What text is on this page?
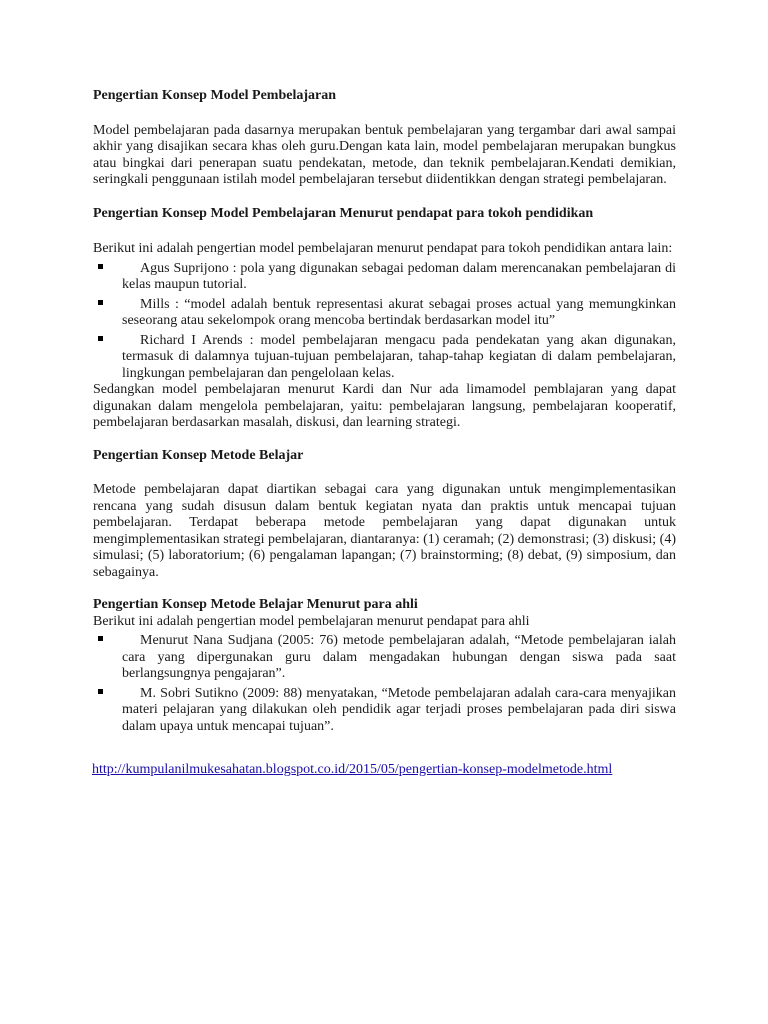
Pengertian Konsep Model Pembelajaran

Model pembelajaran pada dasarnya merupakan bentuk pembelajaran yang tergambar dari awal sampai akhir yang disajikan secara khas oleh guru.Dengan kata lain, model pembelajaran merupakan bungkus atau bingkai dari penerapan suatu pendekatan, metode, dan teknik pembelajaran.Kendati demikian, seringkali penggunaan istilah model pembelajaran tersebut diidentikkan dengan strategi pembelajaran.

Pengertian Konsep Model Pembelajaran Menurut pendapat para tokoh pendidikan

Berikut ini adalah pengertian model pembelajaran menurut pendapat para tokoh pendidikan antara lain:

Agus Suprijono : pola yang digunakan sebagai pedoman dalam merencanakan pembelajaran di kelas maupun tutorial.
Mills : “model adalah bentuk representasi akurat sebagai proses actual yang memungkinkan seseorang atau sekelompok orang mencoba bertindak berdasarkan model itu”
Richard I Arends : model pembelajaran mengacu pada pendekatan yang akan digunakan, termasuk di dalamnya tujuan-tujuan pembelajaran, tahap-tahap kegiatan di dalam pembelajaran, lingkungan pembelajaran dan pengelolaan kelas.

Sedangkan model pembelajaran menurut Kardi dan Nur ada limamodel pemblajaran yang dapat digunakan dalam mengelola pembelajaran, yaitu: pembelajaran langsung, pembelajaran kooperatif, pembelajaran berdasarkan masalah, diskusi, dan learning strategi.

Pengertian Konsep Metode Belajar

Metode pembelajaran dapat diartikan sebagai cara yang digunakan untuk mengimplementasikan rencana yang sudah disusun dalam bentuk kegiatan nyata dan praktis untuk mencapai tujuan pembelajaran. Terdapat beberapa metode pembelajaran yang dapat digunakan untuk mengimplementasikan strategi pembelajaran, diantaranya: (1) ceramah; (2) demonstrasi; (3) diskusi; (4) simulasi; (5) laboratorium; (6) pengalaman lapangan; (7) brainstorming; (8) debat, (9) simposium, dan sebagainya.

Pengertian Konsep Metode Belajar Menurut para ahli

Berikut ini adalah pengertian model pembelajaran menurut pendapat para ahli

Menurut Nana Sudjana (2005: 76) metode pembelajaran adalah, “Metode pembelajaran ialah cara yang dipergunakan guru dalam mengadakan hubungan dengan siswa pada saat berlangsungnya pengajaran”.
M. Sobri Sutikno (2009: 88) menyatakan, “Metode pembelajaran adalah cara-cara menyajikan materi pelajaran yang dilakukan oleh pendidik agar terjadi proses pembelajaran pada diri siswa dalam upaya untuk mencapai tujuan”.

http://kumpulanilmukesahatan.blogspot.co.id/2015/05/pengertian-konsep-modelmetode.html
